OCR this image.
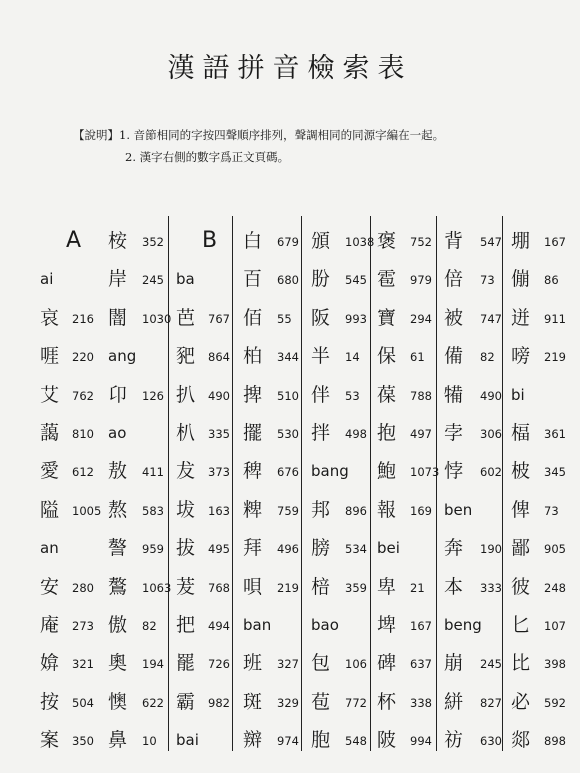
漢語拼音檢索表
【說明】1. 音節相同的字按四聲順序排列，聲調相同的同源字編在一起。
2. 漢字右側的數字爲正文頁碼。
A
ai
哀 216
啀 220
艾 762
藹 810
愛 612
隘 1005
an
安 280
庵 273
媕 321
按 504
案 350
桉 352
岸 245
闇 1030
ang
卬 126
ao
敖 411
熬 583
謷 959
鷔 1063
傲 82
奧 194
懊 622
鼻 10
B
ba
芭 767
豝 864
扒 490
朳 335
犮 373
坺 163
拔 495
茇 768
把 494
罷 726
霸 982
bai
白 679
百 680
佰 55
柏 344
捭 510
擺 530
稗 676
粺 759
拜 496
唄 219
ban
班 327
斑 329
辬 974
頒 1038
朌 545
阪 993
半 14
伴 53
拌 498
bang
邦 896
膀 534
棓 359
bao
包 106
苞 772
胞 548
褒 752
雹 979
寶 294
保 61
葆 788
抱 497
鮑 1073
報 169
bei
卑 21
埤 167
碑 637
杯 338
陂 994
背 547
倍 73
被 747
備 82
犕 490
孛 306
悖 602
ben
奔 190
本 333
beng
崩 245
絣 827
祊 630
堋 167
傰 86
迸 911
嗙 219
bi
楅 361
柀 345
俾 73
鄙 905
彼 248
匕 107
比 398
必 592
郯 898
